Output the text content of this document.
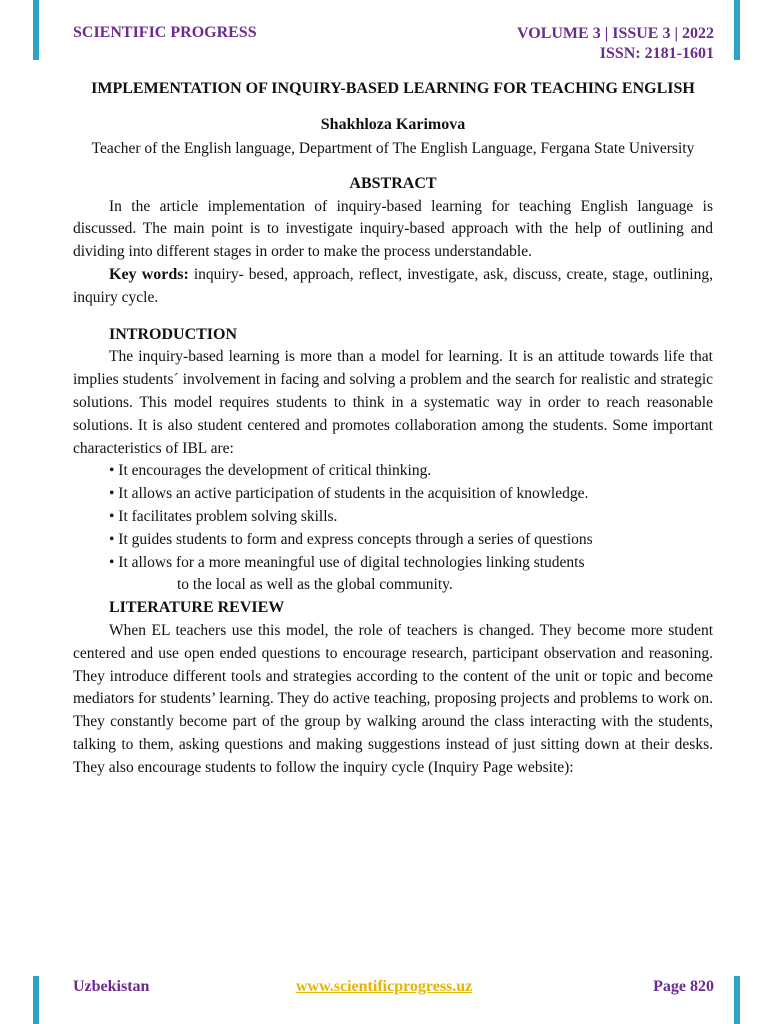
SCIENTIFIC PROGRESS	VOLUME 3 | ISSUE 3 | 2022
ISSN: 2181-1601
IMPLEMENTATION OF INQUIRY-BASED LEARNING FOR TEACHING ENGLISH
Shakhloza Karimova
Teacher of the English language, Department of The English Language, Fergana State University
ABSTRACT

In the article implementation of inquiry-based learning for teaching English language is discussed. The main point is to investigate inquiry-based approach with the help of outlining and dividing into different stages in order to make the process understandable.

Key words: inquiry- besed, approach, reflect, investigate, ask, discuss, create, stage, outlining, inquiry cycle.

INTRODUCTION

The inquiry-based learning is more than a model for learning. It is an attitude towards life that implies students´ involvement in facing and solving a problem and the search for realistic and strategic solutions. This model requires students to think in a systematic way in order to reach reasonable solutions. It is also student centered and promotes collaboration among the students. Some important characteristics of IBL are:

• It encourages the development of critical thinking.
• It allows an active participation of students in the acquisition of knowledge.
• It facilitates problem solving skills.
• It guides students to form and express concepts through a series of questions
• It allows for a more meaningful use of digital technologies linking students
to the local as well as the global community.
LITERATURE REVIEW

When EL teachers use this model, the role of teachers is changed. They become more student centered and use open ended questions to encourage research, participant observation and reasoning. They introduce different tools and strategies according to the content of the unit or topic and become mediators for students’ learning. They do active teaching, proposing projects and problems to work on. They constantly become part of the group by walking around the class interacting with the students, talking to them, asking questions and making suggestions instead of just sitting down at their desks. They also encourage students to follow the inquiry cycle (Inquiry Page website):

Uzbekistan	www.scientificprogress.uz	Page 820
